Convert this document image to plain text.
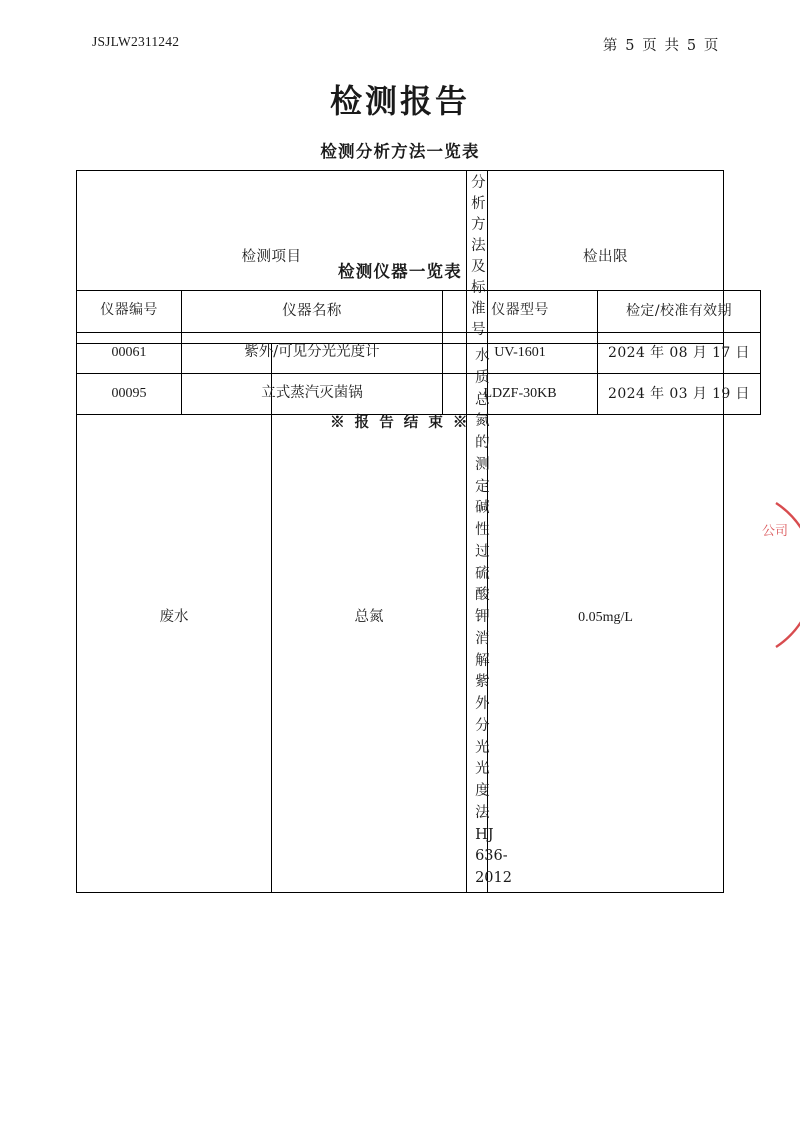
JSJLW2311242	第 5 页 共 5 页
检测报告
检测分析方法一览表
检测项目		分析方法及标准号	检出限
废水	总氮	水质 总氮的测定 碱性过硫酸钾消解紫外分光光度法 HJ 636-2012	0.05mg/L
检测仪器一览表
仪器编号	仪器名称	仪器型号	检定/校准有效期
00061	紫外/可见分光光度计	UV-1601	2024 年 08 月 17 日
00095	立式蒸汽灭菌锅	LDZF-30KB	2024 年 03 月 19 日
※ 报 告 结 束 ※
公司
